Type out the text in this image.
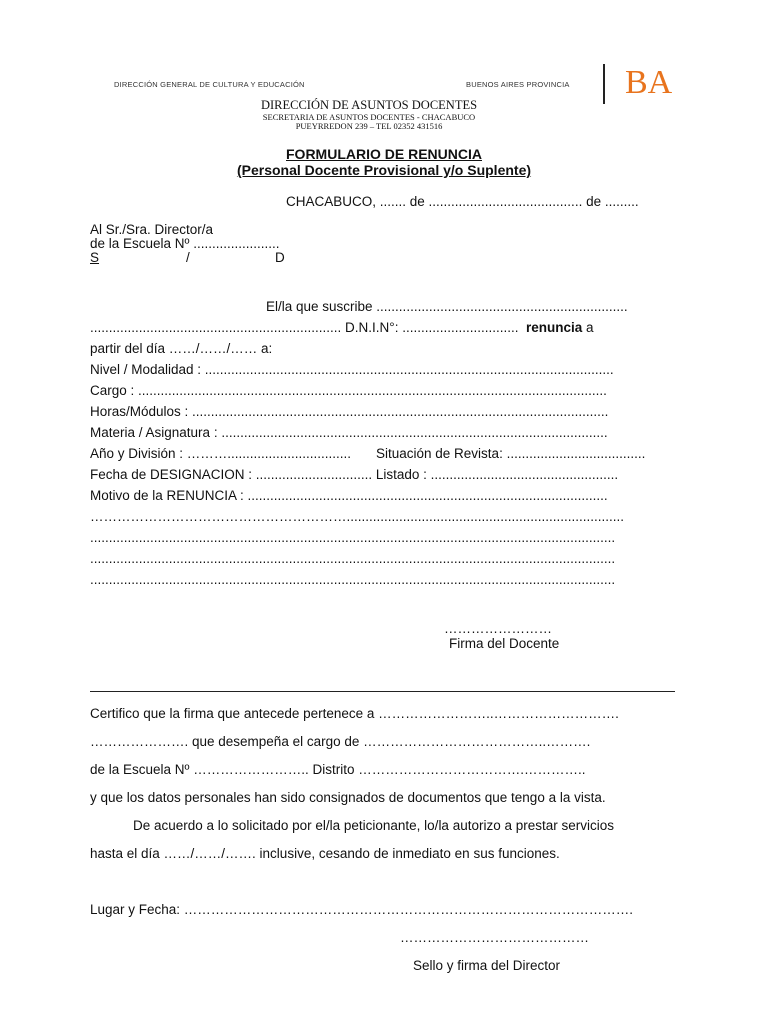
DIRECCIÓN GENERAL DE CULTURA Y EDUCACIÓN	BUENOS AIRES PROVINCIA BA
DIRECCIÓN DE ASUNTOS DOCENTES
SECRETARIA DE ASUNTOS DOCENTES - CHACABUCO
PUEYRREDON 239 – TEL 02352 431516
FORMULARIO DE RENUNCIA
(Personal Docente Provisional y/o Suplente)
CHACABUCO, ....... de ......................................... de .........
Al Sr./Sra. Director/a
de la Escuela Nº .......................
S	/	D
El/la que suscribe ...................................................................
................................................................... D.N.I.N°: ............................... renuncia a
partir del día ……/……/…… a:
Nivel / Modalidad : .............................................................................................................
Cargo : .............................................................................................................................
Horas/Módulos : ...............................................................................................................
Materia / Asignatura : .......................................................................................................
Año y División : ………................................. Situación de Revista: .....................................
Fecha de DESIGNACION : ............................... Listado : ..................................................
Motivo de la RENUNCIA : ................................................................................................
…………………………………………………..........................................................................
............................................................................................................................................
............................................................................................................................................
............................................................................................................................................
……………………
Firma del Docente
Certifico que la firma que antecede pertenece a ……………………..……………………….
…………………. que desempeña el cargo de …………………………………..……….
de la Escuela Nº …………………….. Distrito ……………………………….…………..
y que los datos personales han sido consignados de documentos que tengo a la vista.
De acuerdo a lo solicitado por el/la peticionante, lo/la autorizo a prestar servicios
hasta el día ……/……/……. inclusive, cesando de inmediato en sus funciones.
Lugar y Fecha: ……………………………………………………………………………………….
……………………………………
Sello y firma del Director
